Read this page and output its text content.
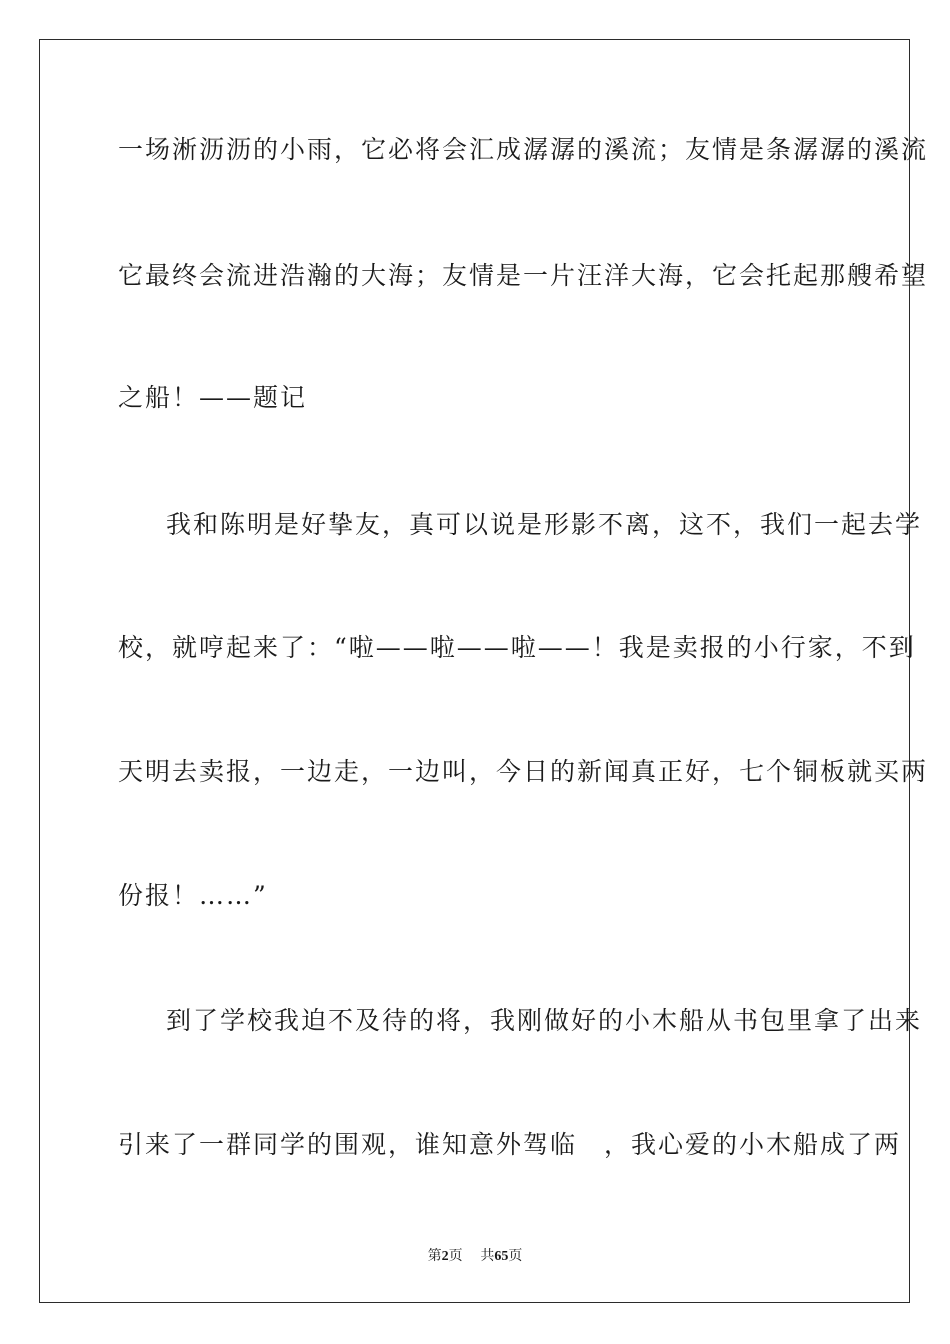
一场淅沥沥的小雨，它必将会汇成潺潺的溪流；友情是条潺潺的溪流
它最终会流进浩瀚的大海；友情是一片汪洋大海，它会托起那艘希望
之船！——题记
我和陈明是好挚友，真可以说是形影不离，这不，我们一起去学
校，就哼起来了：“啦——啦——啦——！我是卖报的小行家，不到
天明去卖报，一边走，一边叫，今日的新闻真正好，七个铜板就买两
份报！……”
到了学校我迫不及待的将，我刚做好的小木船从书包里拿了出来
引来了一群同学的围观，谁知意外驾临　，我心爱的小木船成了两
第2页 共65页
